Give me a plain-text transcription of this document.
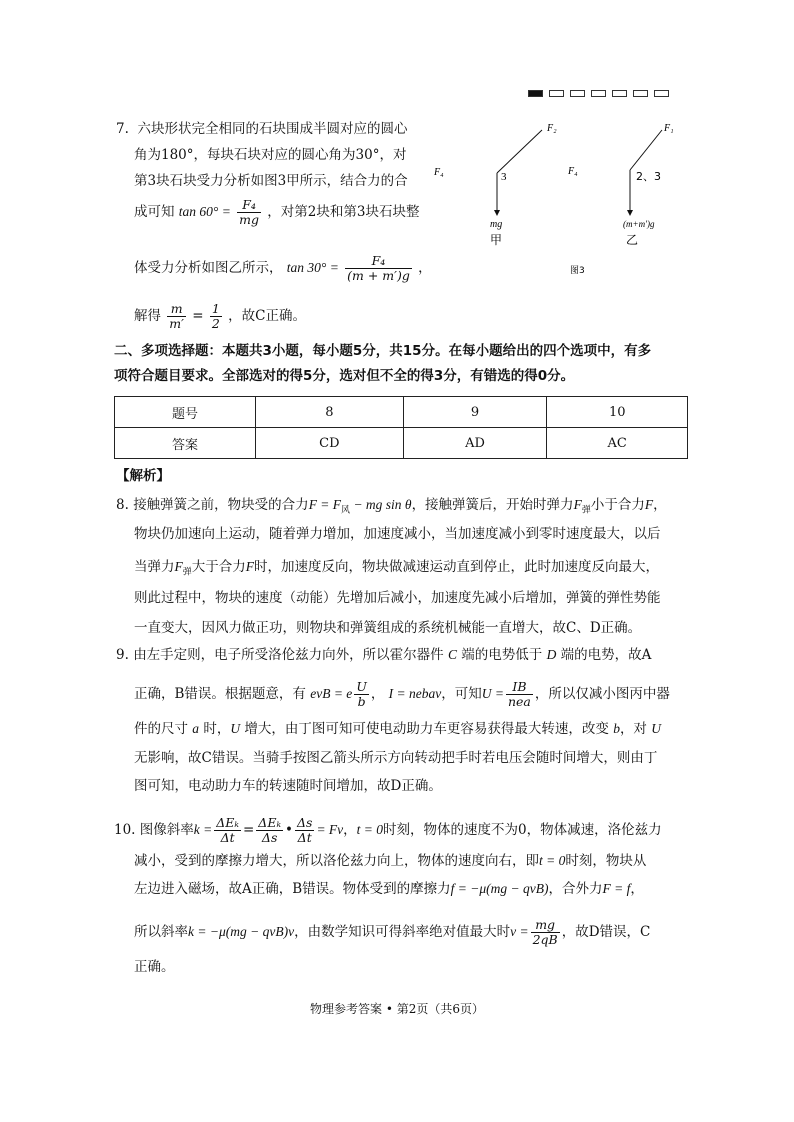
7. 六块形状完全相同的石块围成半圆对应的圆心
角为180°，每块石块对应的圆心角为30°，对
第3块石块受力分析如图3甲所示，结合力的合
成可知 $\tan 60^\circ = \frac{\text{F₄}}{mg}$ ，对第2块和第3块石块整
体受力分析如图乙所示， $\tan 30^\circ = \frac{\text{F₄}}{(m + m')g}$ ，
解得 $\frac{m}{m'} = \frac{1}{2}$ ，故C正确。
F₂
F₄	3
mg
甲
F₁
F₄	2、3
(m+m′)g
乙
图3
二、多项选择题：本题共3小题，每小题5分，共15分。在每小题给出的四个选项中，有多
项符合题目要求。全部选对的得5分，选对但不全的得3分，有错选的得0分。
题号	8	9	10
答案	CD	AD	AC
【解析】
8. 接触弹簧之前，物块受的合力$F = F_风$ − mg sin θ，接触弹簧后，开始时弹力$F_弹$小于合力F，
物块仍加速向上运动，随着弹力增加，加速度减小，当加速度减小到零时速度最大，以后
当弹力$F_弹$大于合力F时，加速度反向，物块做减速运动直到停止，此时加速度反向最大，
则此过程中，物块的速度（动能）先增加后减小，加速度先减小后增加，弹簧的弹性势能
一直变大，因风力做正功，则物块和弹簧组成的系统机械能一直增大，故C、D正确。
9. 由左手定则，电子所受洛伦兹力向外，所以霍尔器件 C 端的电势低于 D 端的电势，故A
正确，B错误。根据题意，有 evB = e $\frac{U}{b}$ ， I = nebav，可知$U = \frac{IB}{\text{nea}}$ ，所以仅减小图丙中器
件的尺寸 a 时，U 增大，由丁图可知可使电动助力车更容易获得最大转速，改变 b，对 U
无影响，故C错误。当骑手按图乙箭头所示方向转动把手时若电压会随时间增大，则由丁
图可知，电动助力车的转速随时间增加，故D正确。
10. 图像斜率$k = \frac{\text{ΔEₖ}}{\Delta t} = \frac{\text{ΔEₖ}}{\Delta s}$ • $\frac{\Delta s}{\Delta t} = Fv$，t = 0时刻，物体的速度不为0，物体减速，洛伦兹力
减小，受到的摩擦力增大，所以洛伦兹力向上，物体的速度向右，即t = 0时刻，物块从
左边进入磁场，故A正确，B错误。物体受到的摩擦力f = −μ(mg − qvB)，合外力F = f，
所以斜率k = −μ(mg − qvB)v，由数学知识可得斜率绝对值最大时$v = \frac{mg}{2qB}$ ，故D错误，C
正确。
物理参考答案 • 第2页（共6页）
